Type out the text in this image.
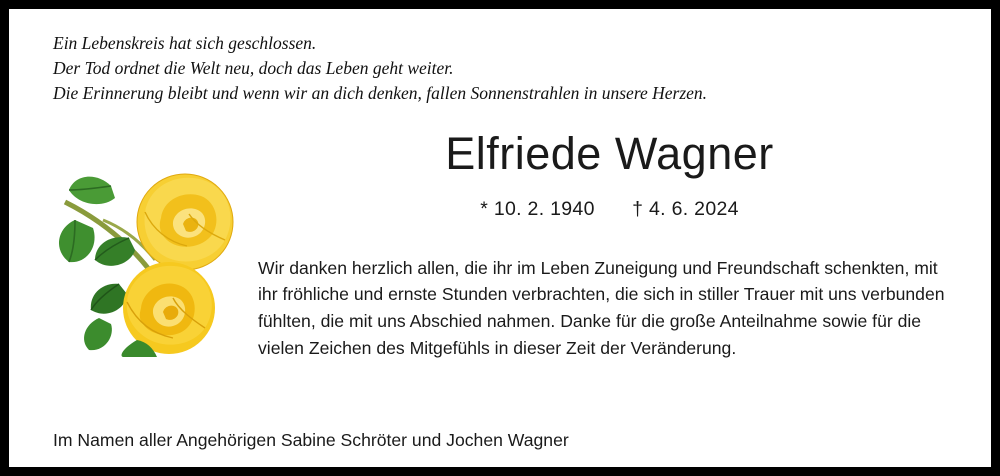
Ein Lebenskreis hat sich geschlossen.
Der Tod ordnet die Welt neu, doch das Leben geht weiter.
Die Erinnerung bleibt und wenn wir an dich denken, fallen Sonnenstrahlen in unsere Herzen.
Elfriede Wagner
* 10. 2. 1940 † 4. 6. 2024
Wir danken herzlich allen, die ihr im Leben Zuneigung und Freundschaft schenkten, mit ihr fröhliche und ernste Stunden verbrachten, die sich in stiller Trauer mit uns verbunden fühlten, die mit uns Abschied nahmen. Danke für die große Anteilnahme sowie für die vielen Zeichen des Mitgefühls in dieser Zeit der Veränderung.
Im Namen aller Angehörigen Sabine Schröter und Jochen Wagner
